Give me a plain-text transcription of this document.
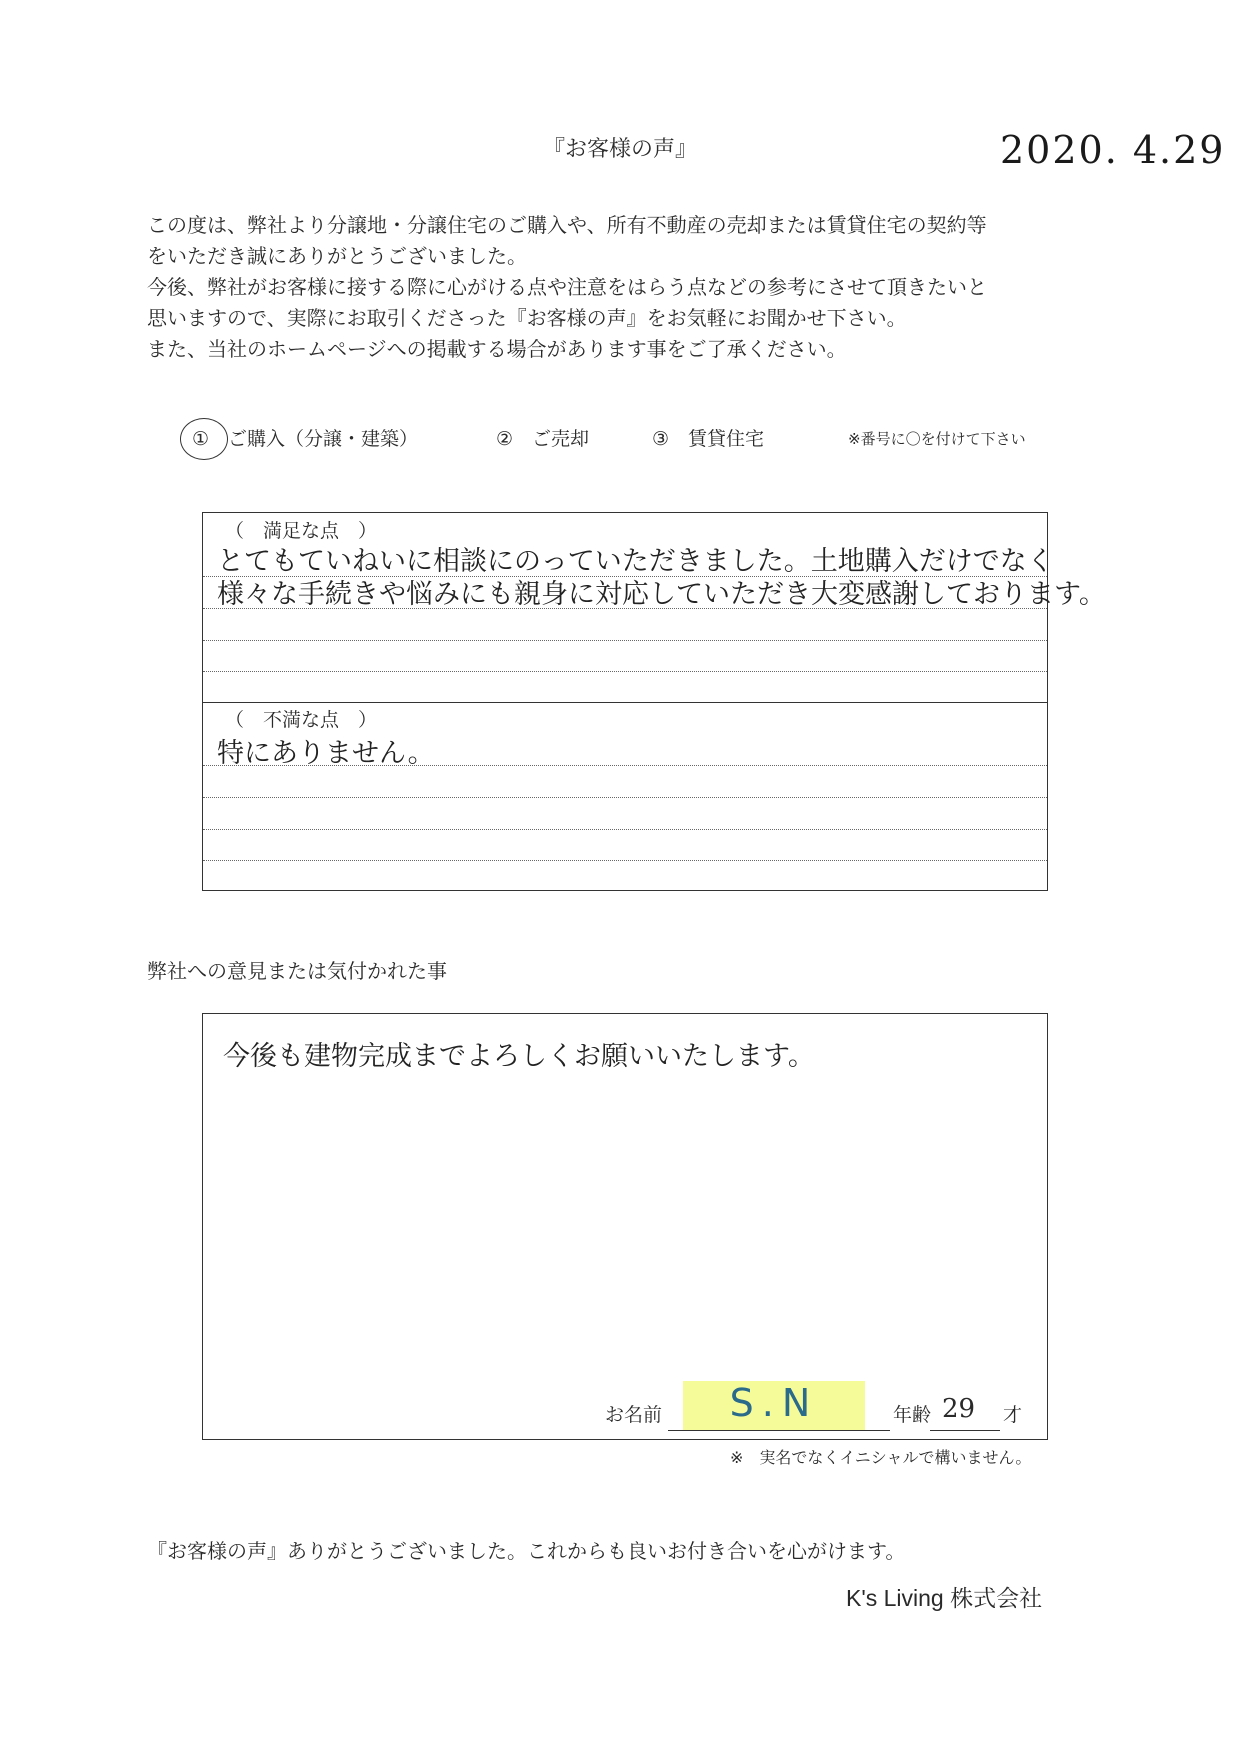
『お客様の声』	2020. 4.29
この度は、弊社より分譲地・分譲住宅のご購入や、所有不動産の売却または賃貸住宅の契約等
をいただき誠にありがとうございました。
今後、弊社がお客様に接する際に心がける点や注意をはらう点などの参考にさせて頂きたいと
思いますので、実際にお取引くださった『お客様の声』をお気軽にお聞かせ下さい。
また、当社のホームページへの掲載する場合があります事をご了承ください。
①　ご購入（分譲・建築）	②　ご売却	③　賃貸住宅	※番号に〇を付けて下さい
（　満足な点　）
とてもていねいに相談にのっていただきました。土地購入だけでなく
様々な手続きや悩みにも親身に対応していただき大変感謝しております。
（　不満な点　）
特にありません。
弊社への意見または気付かれた事
今後も建物完成までよろしくお願いいたします。
お名前	S.N	年齢 29 才
※　実名でなくイニシャルで構いません。
『お客様の声』ありがとうございました。これからも良いお付き合いを心がけます。
K's Living 株式会社
